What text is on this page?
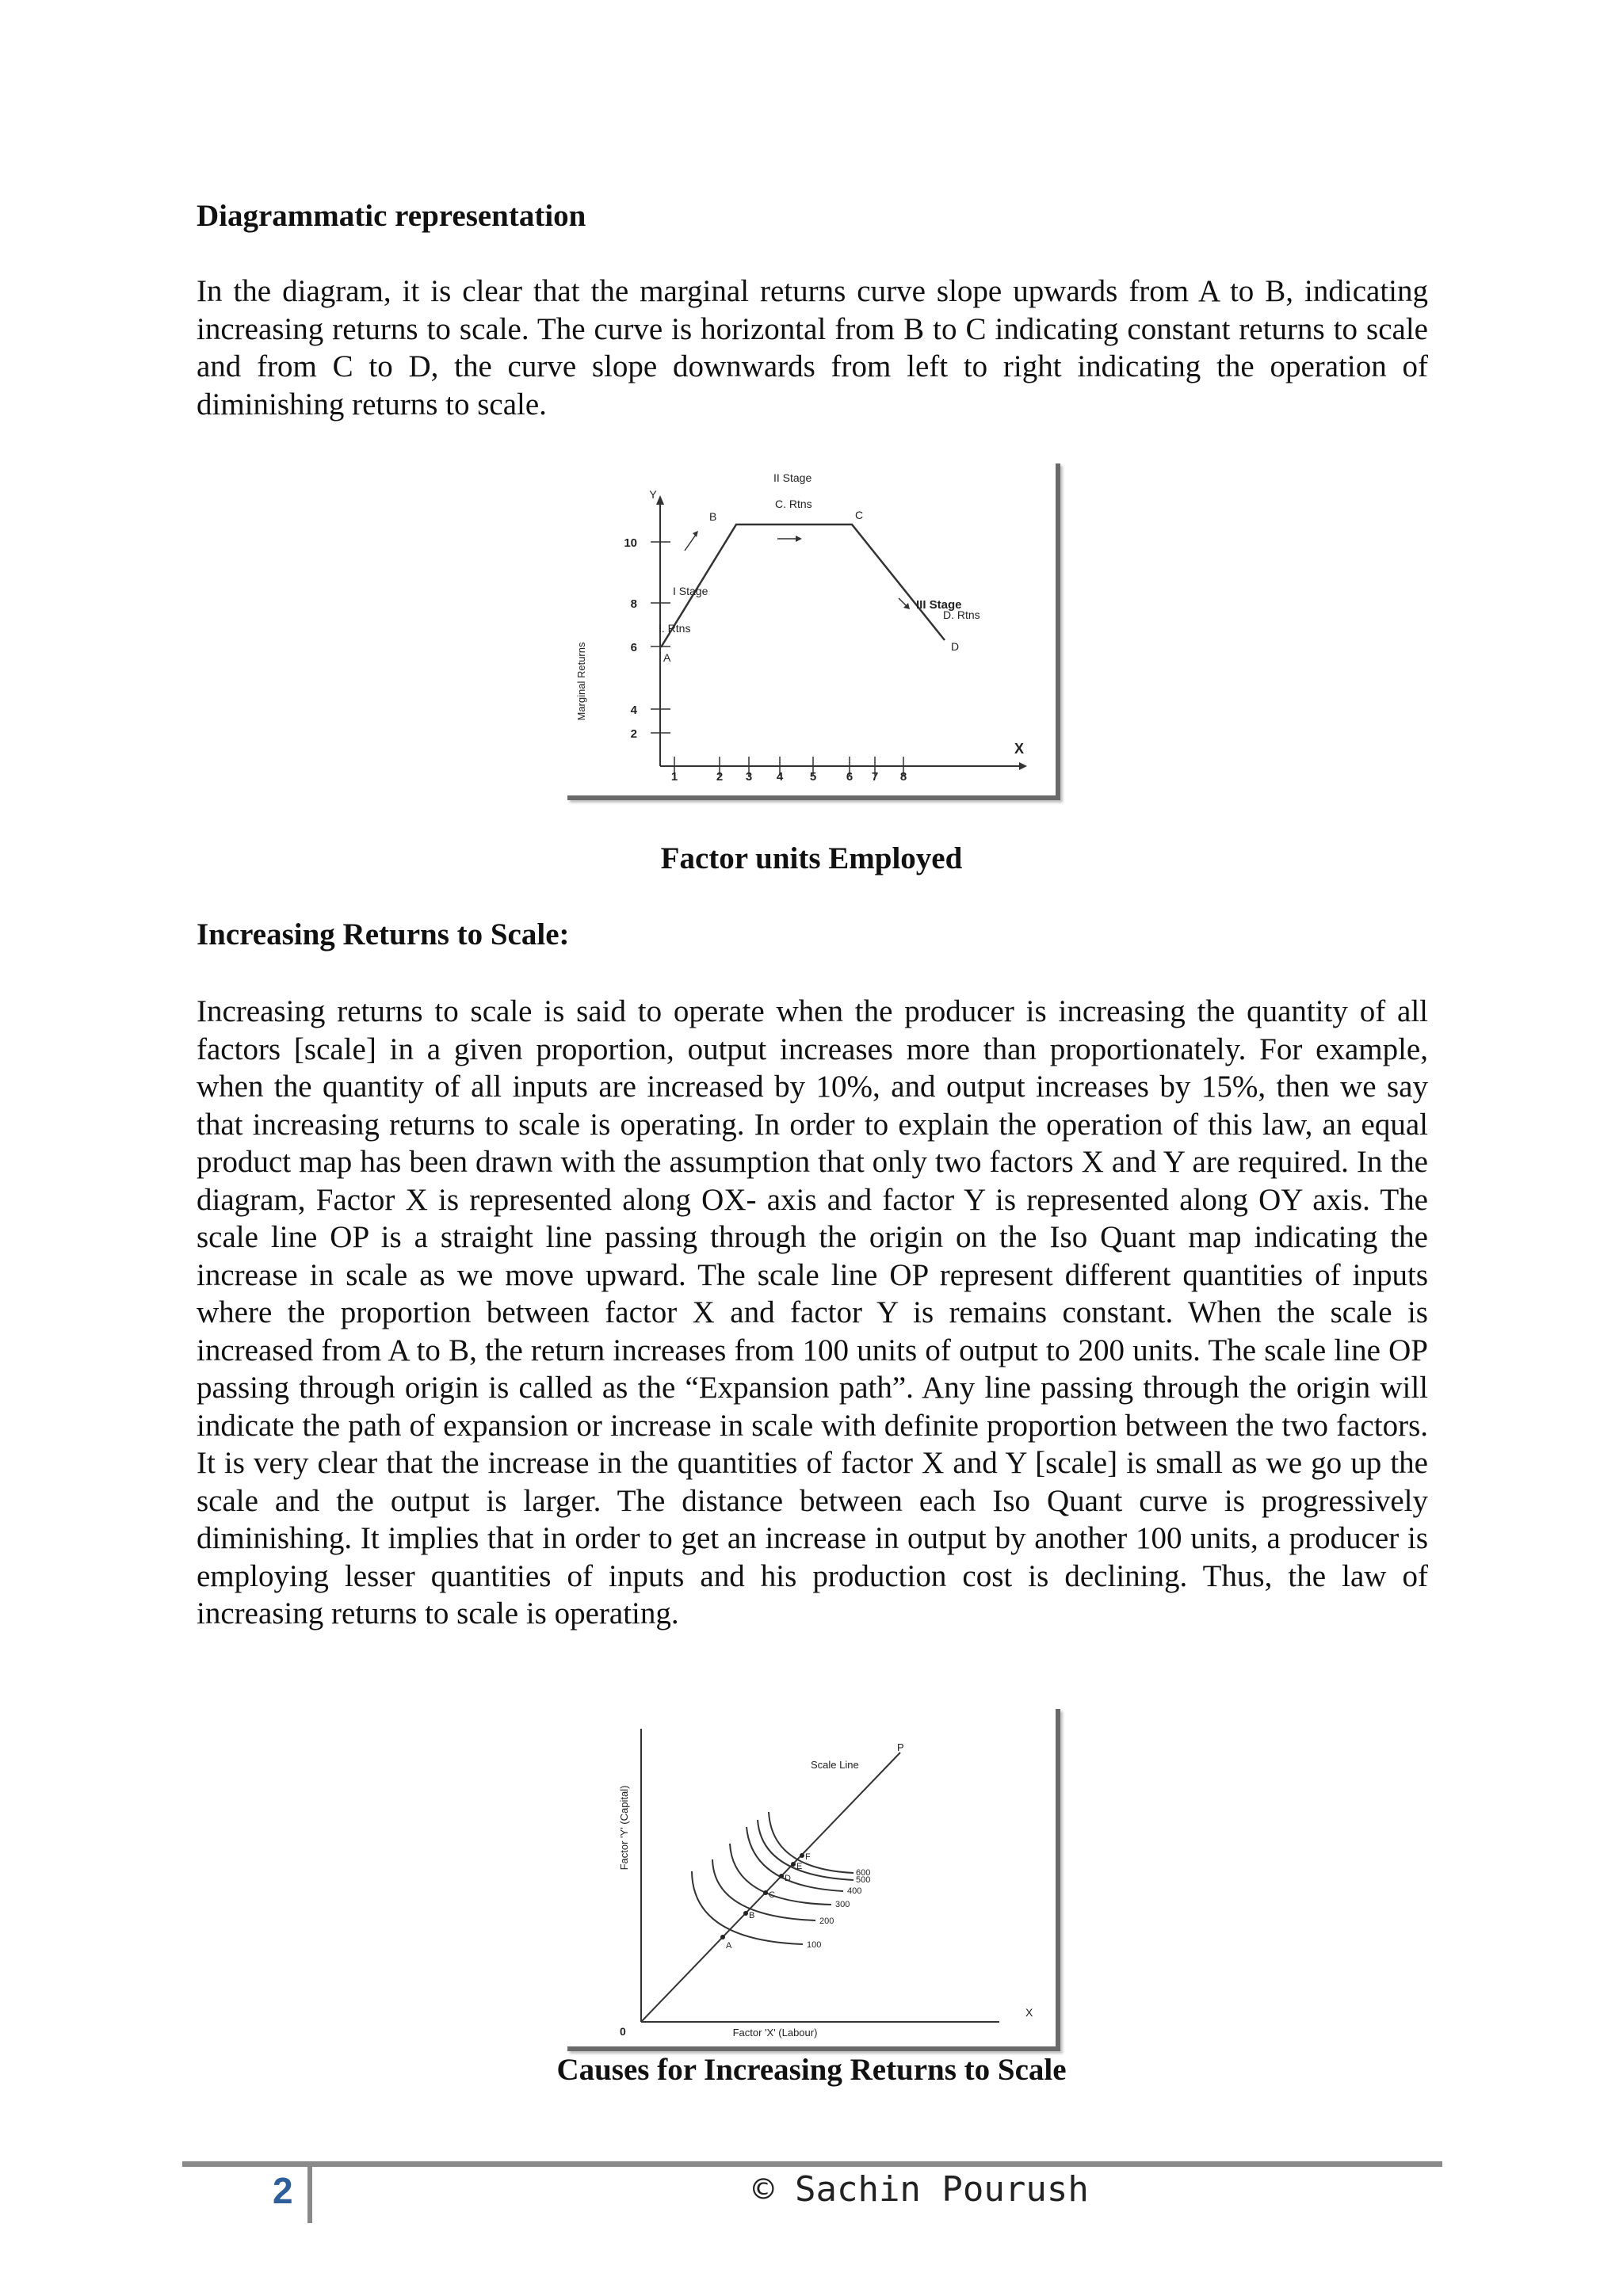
Diagrammatic representation

In the diagram, it is clear that the marginal returns curve slope upwards from A to B, indicating increasing returns to scale. The curve is horizontal from B to C indicating constant returns to scale and from C to D, the curve slope downwards from left to right indicating the operation of diminishing returns to scale.

Y
X
Marginal Returns
10
8
6
4
2
1	2 3 4 5	6 7 8
A
B	C
D
I Stage
I. Rtns
II Stage
C. Rtns
III Stage
D. Rtns
Factor units Employed
Increasing Returns to Scale:

Increasing returns to scale is said to operate when the producer is increasing the quantity of all factors [scale] in a given proportion, output increases more than proportionately. For example, when the quantity of all inputs are increased by 10%, and output increases by 15%, then we say that increasing returns to scale is operating. In order to explain the operation of this law, an equal product map has been drawn with the assumption that only two factors X and Y are required. In the diagram, Factor X is represented along OX- axis and factor Y is represented along OY axis. The scale line OP is a straight line passing through the origin on the Iso Quant map indicating the increase in scale as we move upward. The scale line OP represent different quantities of inputs where the proportion between factor X and factor Y is remains constant. When the scale is increased from A to B, the return increases from 100 units of output to 200 units. The scale line OP passing through origin is called as the “Expansion path”. Any line passing through the origin will indicate the path of expansion or increase in scale with definite proportion between the two factors. It is very clear that the increase in the quantities of factor X and Y [scale] is small as we go up the scale and the output is larger. The distance between each Iso Quant curve is progressively diminishing. It implies that in order to get an increase in output by another 100 units, a producer is employing lesser quantities of inputs and his production cost is declining. Thus, the law of increasing returns to scale is operating.

0
X
Factor 'Y' (Capital)
Factor 'X' (Labour)
Scale Line
P
100
200
300
400
500
600
A
B
C
D
E
F
Causes for Increasing Returns to Scale
2	© Sachin Pourush
